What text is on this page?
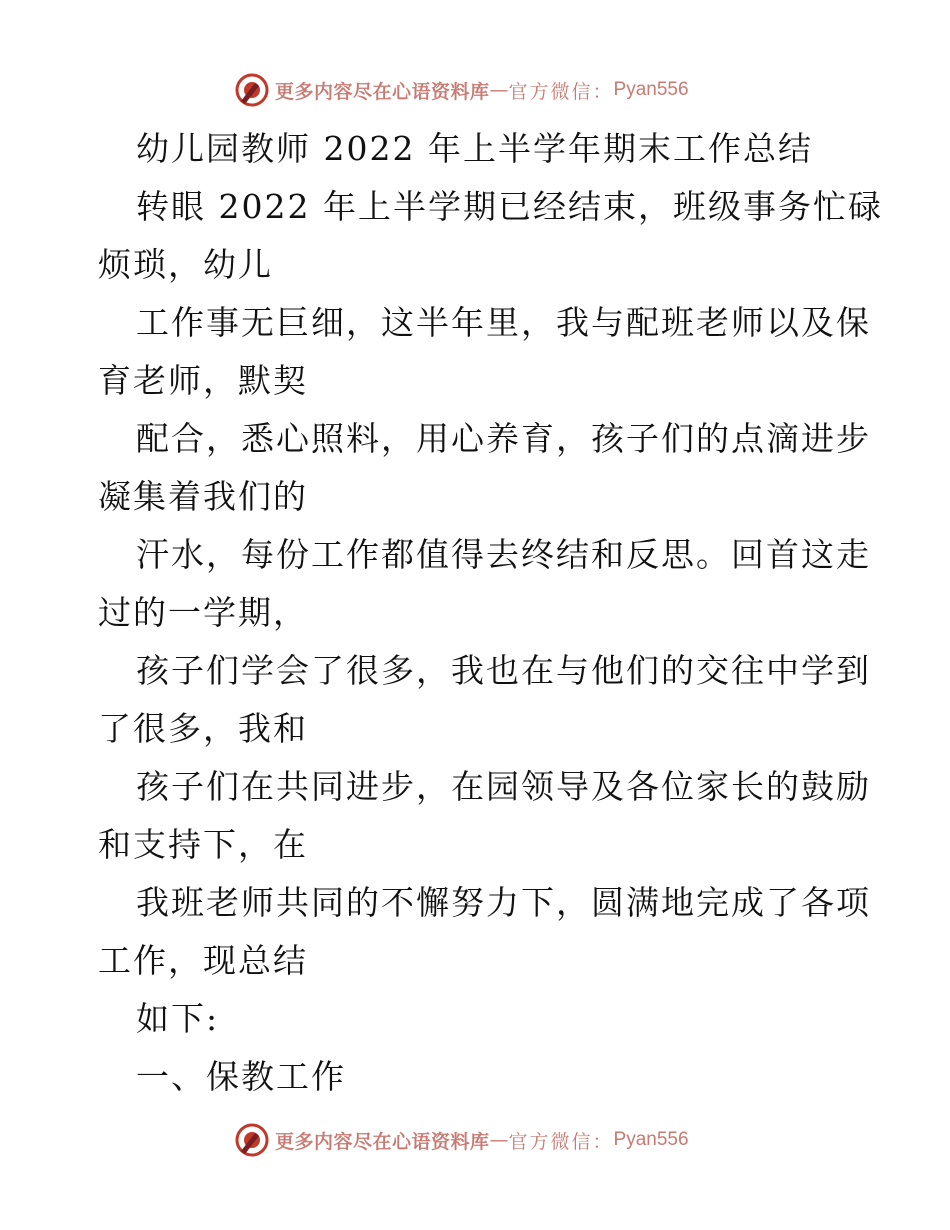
更多内容尽在心语资料库 — 官方微信： Pyan556

幼儿园教师 2022 年上半学年期末工作总结

转眼 2022 年上半学期已经结束，班级事务忙碌

烦琐，幼儿

工作事无巨细，这半年里，我与配班老师以及保

育老师，默契

配合，悉心照料，用心养育，孩子们的点滴进步

凝集着我们的

汗水，每份工作都值得去终结和反思。回首这走

过的一学期，

孩子们学会了很多，我也在与他们的交往中学到

了很多，我和

孩子们在共同进步，在园领导及各位家长的鼓励

和支持下，在

我班老师共同的不懈努力下，圆满地完成了各项

工作，现总结

如下:

一、保教工作

更多内容尽在心语资料库 — 官方微信： Pyan556
